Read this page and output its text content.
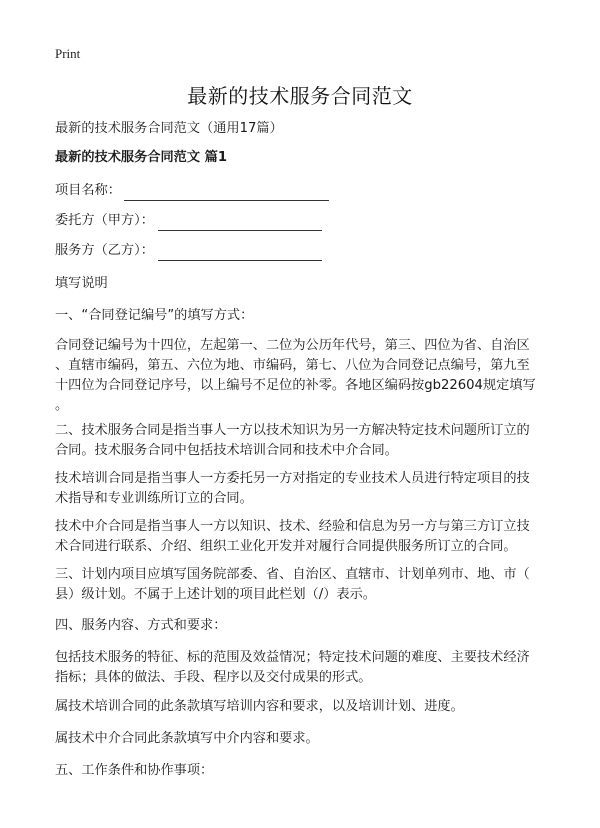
Print
最新的技术服务合同范文
最新的技术服务合同范文（通用17篇）
最新的技术服务合同范文 篇1
项目名称：
委托方（甲方）：
服务方（乙方）：
填写说明
一、“合同登记编号”的填写方式：
合同登记编号为十四位，左起第一、二位为公历年代号，第三、四位为省、自治区
、直辖市编码，第五、六位为地、市编码，第七、八位为合同登记点编号，第九至
十四位为合同登记序号，以上编号不足位的补零。各地区编码按gb22604规定填写
。
二、技术服务合同是指当事人一方以技术知识为另一方解决特定技术问题所订立的
合同。技术服务合同中包括技术培训合同和技术中介合同。
技术培训合同是指当事人一方委托另一方对指定的专业技术人员进行特定项目的技
术指导和专业训练所订立的合同。
技术中介合同是指当事人一方以知识、技术、经验和信息为另一方与第三方订立技
术合同进行联系、介绍、组织工业化开发并对履行合同提供服务所订立的合同。
三、计划内项目应填写国务院部委、省、自治区、直辖市、计划单列市、地、市（
县）级计划。不属于上述计划的项目此栏划（/）表示。
四、服务内容、方式和要求：
包括技术服务的特征、标的范围及效益情况；特定技术问题的难度、主要技术经济
指标；具体的做法、手段、程序以及交付成果的形式。
属技术培训合同的此条款填写培训内容和要求，以及培训计划、进度。
属技术中介合同此条款填写中介内容和要求。
五、工作条件和协作事项：
